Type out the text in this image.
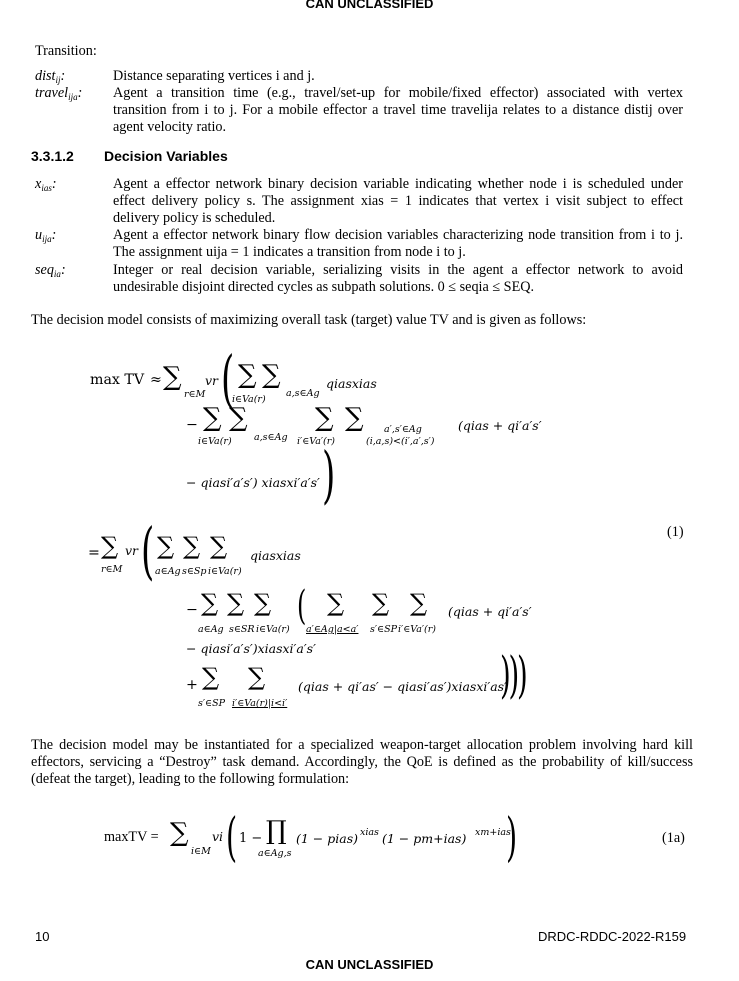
CAN UNCLASSIFIED
Transition:
dist$_{ij}$:	Distance separating vertices i and j.
travel$_{ija}$: Agent a transition time (e.g., travel/set-up for mobile/fixed effector) associated with vertex transition from i to j. For a mobile effector a travel time travelija relates to a distance distij over agent velocity ratio.
3.3.1.2 Decision Variables
$x_{ias}$:	Agent a effector network binary decision variable indicating whether node i is scheduled under effect delivery policy s. The assignment xias = 1 indicates that vertex i visit subject to effect delivery policy is scheduled.
$u_{ija}$:	Agent a effector network binary flow decision variables characterizing node transition from i to j. The assignment uija = 1 indicates a transition from node i to j.
seq$_{ia}$:	Integer or real decision variable, serializing visits in the agent a effector network to avoid undesirable disjoint directed cycles as subpath solutions. 0 ≤ seqia ≤ SEQ.
The decision model consists of maximizing overall task (target) value TV and is given as follows:
max TV ≈ ∑
r∈M
vr ( ∑ ∑
i∈Va(r)
a,s∈Ag
qiasxias
− ∑ ∑
i∈Va(r) a,s∈Ag
∑ ∑
i′∈Va′(r)
a′,s′∈Ag
(i,a,s)<(i′,a′,s′)
(qias + qi′a′s′
− qiasi′a′s′) xiasxi′a′s′ )
(1)
= ∑
r∈M
vr ( ∑ ∑ ∑
a∈Ag s∈Sp i∈Va(r)
qiasxias
− ∑ ∑ ∑
a∈Ag s∈SR i∈Va(r)
( ∑ ∑ ∑
a′∈Ag|a<a′ s′∈SP i′∈Va′(r)
(qias + qi′a′s′
− qiasi′a′s′)xiasxi′a′s′
+ ∑ ∑
s′∈SP i′∈Va(r)|i<i′
(qias + qi′as′ − qiasi′as′)xiasxi′as′
)))
The decision model may be instantiated for a specialized weapon-target allocation problem involving hard kill effectors, servicing a “Destroy” task demand. Accordingly, the QoE is defined as the probability of kill/success (defeat the target), leading to the following formulation:
maxTV = ∑
i∈M
vi ( 1 − ∏
a∈Ag,s
(1 − pias) xias (1 − pm+ias) xm+ias
)	(1a)
10	DRDC-RDDC-2022-R159
CAN UNCLASSIFIED
